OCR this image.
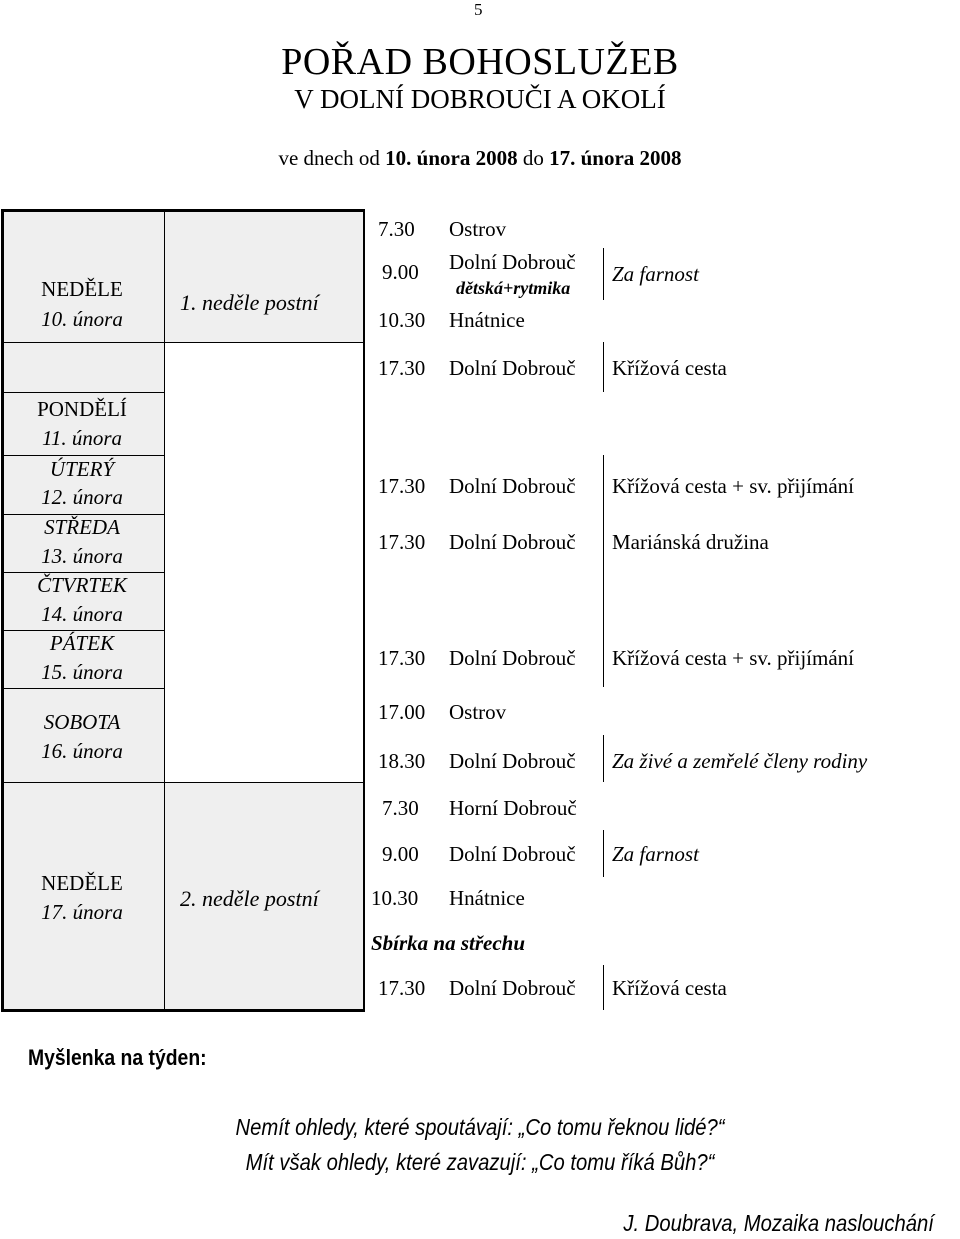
5
POŘAD BOHOSLUŽEB
V DOLNÍ DOBROUČI A OKOLÍ
ve dnech od 10. února 2008 do 17. února 2008
NEDĚLE
10. února
1. neděle postní
7.30 Ostrov
9.00 Dolní Dobrouč
dětská+rytmika
Za farnost
10.30 Hnátnice
17.30 Dolní Dobrouč Křížová cesta
PONDĚLÍ
11. února
ÚTERÝ
12. února
STŘEDA
13. února
ČTVRTEK
14. února
PÁTEK
15. února
SOBOTA
16. února
17.30 Dolní Dobrouč Křížová cesta + sv. přijímání
17.30 Dolní Dobrouč Mariánská družina
17.30 Dolní Dobrouč Křížová cesta + sv. přijímání
17.00 Ostrov
18.30 Dolní Dobrouč Za živé a zemřelé členy rodiny
NEDĚLE
17. února
2. neděle postní
7.30 Horní Dobrouč
9.00 Dolní Dobrouč Za farnost
10.30 Hnátnice
Sbírka na střechu
17.30 Dolní Dobrouč Křížová cesta
Myšlenka na týden:
Nemít ohledy, které spoutávají: „Co tomu řeknou lidé?“
Mít však ohledy, které zavazují: „Co tomu říká Bůh?“
J. Doubrava, Mozaika naslouchání
